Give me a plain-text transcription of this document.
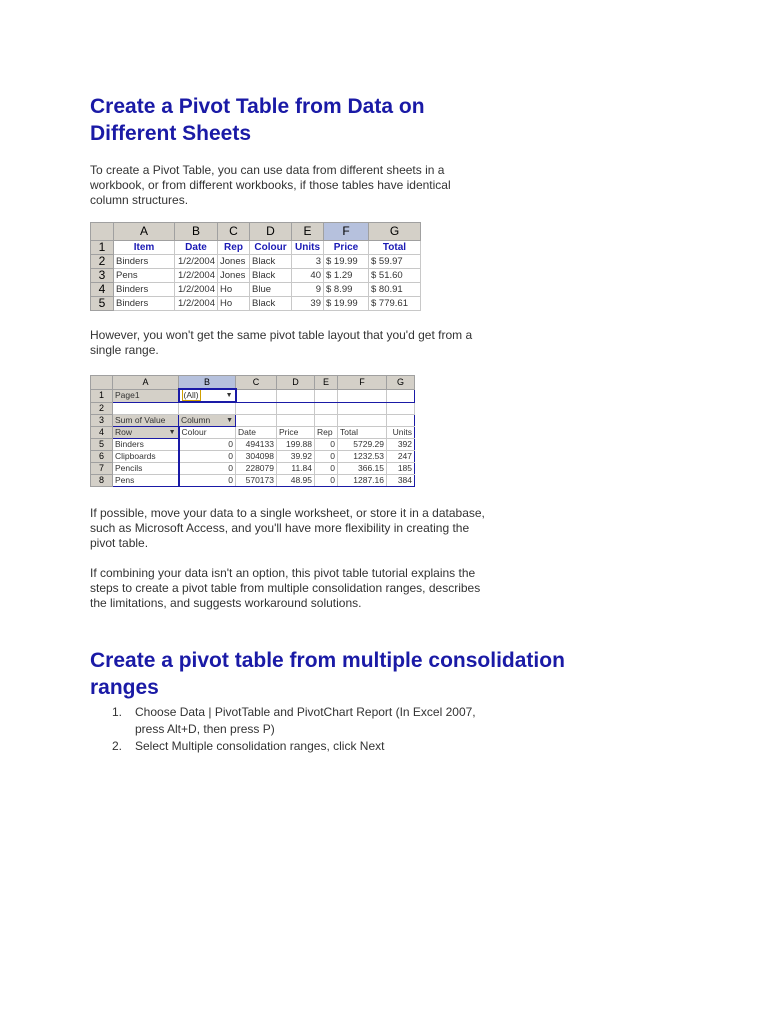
Create a Pivot Table from Data on
Different Sheets

To create a Pivot Table, you can use data from different sheets in a
workbook, or from different workbooks, if those tables have identical
column structures.

	A	B	C	D	E	F	G
1	Item	Date	Rep	Colour	Units	Price	Total
2	Binders	1/2/2004	Jones	Black	3	$ 19.99	$ 59.97
3	Pens	1/2/2004	Jones	Black	40	$ 1.29	$ 51.60
4	Binders	1/2/2004	Ho	Blue	9	$ 8.99	$ 80.91
5	Binders	1/2/2004	Ho	Black	39	$ 19.99	$ 779.61

However, you won't get the same pivot table layout that you'd get from a
single range.

	A	B	C	D	E	F	G
1	Page1	(All) ▼					

2							
3	Sum of Value	Column ▼					

4	Row ▼	Colour	Date	Price	Rep	Total	Units
5	Binders	0	494133	199.88	0	5729.29	392
6	Clipboards	0	304098	39.92	0	1232.53	247
7	Pencils	0	228079	11.84	0	366.15	185
8	Pens	0	570173	48.95	0	1287.16	384

If possible, move your data to a single worksheet, or store it in a database,
such as Microsoft Access, and you'll have more flexibility in creating the
pivot table.

If combining your data isn't an option, this pivot table tutorial explains the
steps to create a pivot table from multiple consolidation ranges, describes
the limitations, and suggests workaround solutions.

Create a pivot table from multiple consolidation
ranges
1. Choose Data | PivotTable and PivotChart Report (In Excel 2007,
press Alt+D, then press P)
2. Select Multiple consolidation ranges, click Next
